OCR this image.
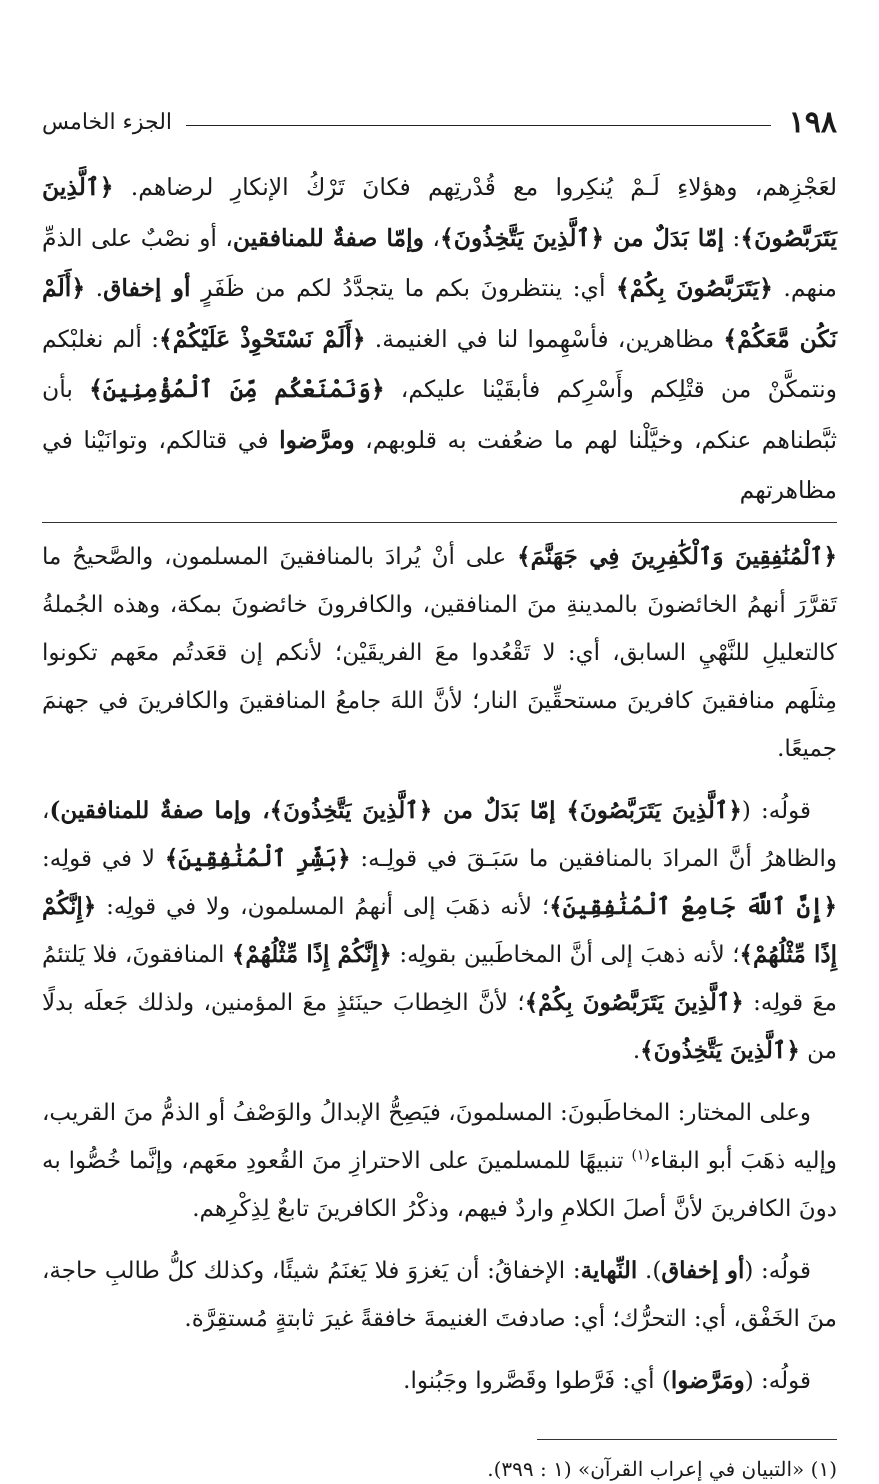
١٩٨
الجزء الخامس

لعَجْزِهم، وهؤلاءِ لَـمْ يُنكِروا مع قُدْرتِهم فكانَ تَرْكُ الإنكارِ لرضاهم. ﴿ٱلَّذِينَ يَتَرَبَّصُونَ﴾: إمّا بَدَلٌ من ﴿ٱلَّذِينَ يَتَّخِذُونَ﴾، وإمّا صفةٌ للمنافقين، أو نصْبٌ على الذمِّ منهم. ﴿يَتَرَبَّصُونَ بِكُمْ﴾ أي: ينتظرونَ بكم ما يتجدَّدُ لكم من ظَفَرٍ أو إخفاق. ﴿أَلَمْ نَكُن مَّعَكُمْ﴾ مظاهرين، فأسْهِموا لنا في الغنيمة. ﴿أَلَمْ نَسْتَحْوِذْ عَلَيْكُمْ﴾: ألم نغلبْكم ونتمكَّنْ من قتْلِكم وأَسْرِكم فأبقَيْنا عليكم، ﴿وَنَمْنَعْكُم مِّنَ ٱلْمُؤْمِنِينَ﴾ بأن ثبَّطناهم عنكم، وخيَّلْنا لهم ما ضعُفت به قلوبهم، ومرَّضوا في قتالكم، وتوانَيْنا في مظاهرتهم

﴿ٱلْمُنَٰفِقِينَ وَٱلْكَٰفِرِينَ فِي جَهَنَّمَ﴾ على أنْ يُرادَ بالمنافقينَ المسلمون، والصَّحيحُ ما تَقرَّرَ أنهمُ الخائضونَ بالمدينةِ منَ المنافقين، والكافرونَ خائضونَ بمكة، وهذه الجُملةُ كالتعليلِ للنَّهْيِ السابق، أي: لا تَقْعُدوا معَ الفريقَيْن؛ لأنكم إن قعَدتُم معَهم تكونوا مِثلَهم منافقينَ كافرينَ مستحقِّينَ النار؛ لأنَّ اللهَ جامعُ المنافقينَ والكافرينَ في جهنمَ جميعًا.

قولُه: (﴿ٱلَّذِينَ يَتَرَبَّصُونَ﴾ إمّا بَدَلٌ من ﴿ٱلَّذِينَ يَتَّخِذُونَ﴾، وإما صفةٌ للمنافقين)، والظاهرُ أنَّ المرادَ بالمنافقين ما سَبَـقَ في قولِـه: ﴿بَشِّرِ ٱلْمُنَٰفِقِينَ﴾ لا في قولِه: ﴿إِنَّ ٱللَّهَ جَامِعُ ٱلْمُنَٰفِقِينَ﴾؛ لأنه ذهَبَ إلى أنهمُ المسلمون، ولا في قولِه: ﴿إِنَّكُمْ إِذًا مِّثْلُهُمْ﴾؛ لأنه ذهبَ إلى أنَّ المخاطَبين بقولِه: ﴿إِنَّكُمْ إِذًا مِّثْلُهُمْ﴾ المنافقونَ، فلا يَلتئمُ معَ قولِه: ﴿ٱلَّذِينَ يَتَرَبَّصُونَ بِكُمْ﴾؛ لأنَّ الخِطابَ حينَئذٍ معَ المؤمنين، ولذلك جَعلَه بدلًا من ﴿ٱلَّذِينَ يَتَّخِذُونَ﴾.

وعلى المختار: المخاطَبونَ: المسلمونَ، فيَصِحُّ الإبدالُ والوَصْفُ أو الذمُّ منَ القريب، وإليه ذهَبَ أبو البقاء$^{(١)}$ تنبيهًا للمسلمينَ على الاحترازِ منَ القُعودِ معَهم، وإنَّما خُصُّوا به دونَ الكافرينَ لأنَّ أصلَ الكلامِ واردٌ فيهم، وذكْرُ الكافرينَ تابعٌ لِذِكْرِهم.

قولُه: (أو إخفاق). النِّهاية: الإخفاقُ: أن يَغزوَ فلا يَغنَمُ شيئًا، وكذلك كلُّ طالبِ حاجة، منَ الخَفْق، أي: التحرُّك؛ أي: صادفتَ الغنيمةَ خافقةً غيرَ ثابتةٍ مُستقِرَّة.

قولُه: (ومَرَّضوا) أي: فَرَّطوا وقَصَّروا وجَبُنوا.

(١) «التبيان في إعراب القرآن» (١ : ٣٩٩).
